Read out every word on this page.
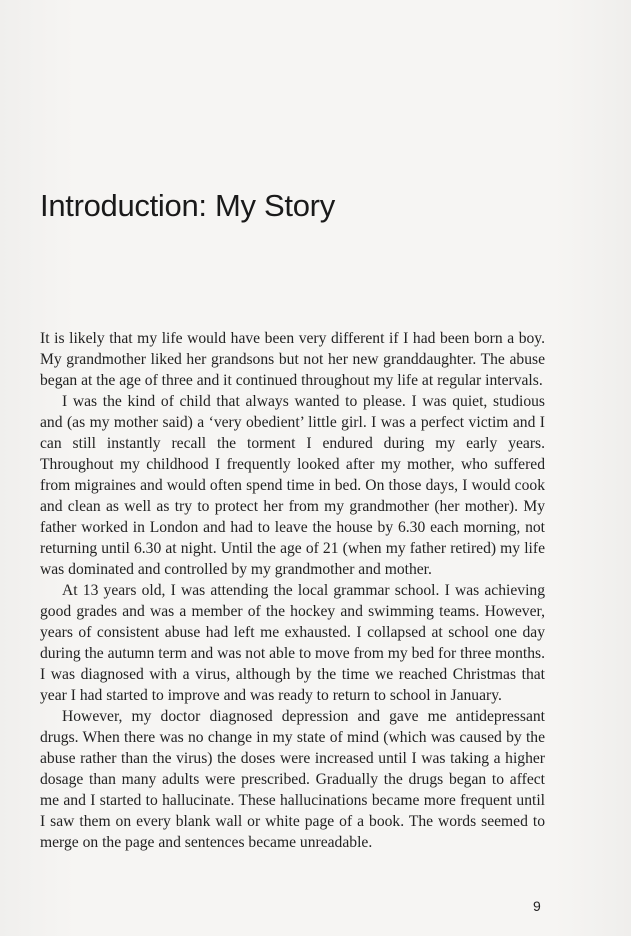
Introduction: My Story

It is likely that my life would have been very different if I had been born a boy. My grandmother liked her grandsons but not her new granddaughter. The abuse began at the age of three and it continued throughout my life at regular intervals.

I was the kind of child that always wanted to please. I was quiet, studious and (as my mother said) a ‘very obedient’ little girl. I was a perfect victim and I can still instantly recall the torment I endured during my early years. Throughout my childhood I frequently looked after my mother, who suffered from migraines and would often spend time in bed. On those days, I would cook and clean as well as try to protect her from my grandmother (her mother). My father worked in London and had to leave the house by 6.30 each morning, not returning until 6.30 at night. Until the age of 21 (when my father retired) my life was dominated and controlled by my grandmother and mother.

At 13 years old, I was attending the local grammar school. I was achieving good grades and was a member of the hockey and swimming teams. However, years of consistent abuse had left me exhausted. I collapsed at school one day during the autumn term and was not able to move from my bed for three months. I was diagnosed with a virus, although by the time we reached Christmas that year I had started to improve and was ready to return to school in January.

However, my doctor diagnosed depression and gave me antidepressant drugs. When there was no change in my state of mind (which was caused by the abuse rather than the virus) the doses were increased until I was taking a higher dosage than many adults were prescribed. Gradually the drugs began to affect me and I started to hallucinate. These hallucinations became more frequent until I saw them on every blank wall or white page of a book. The words seemed to merge on the page and sentences became unreadable.

9
